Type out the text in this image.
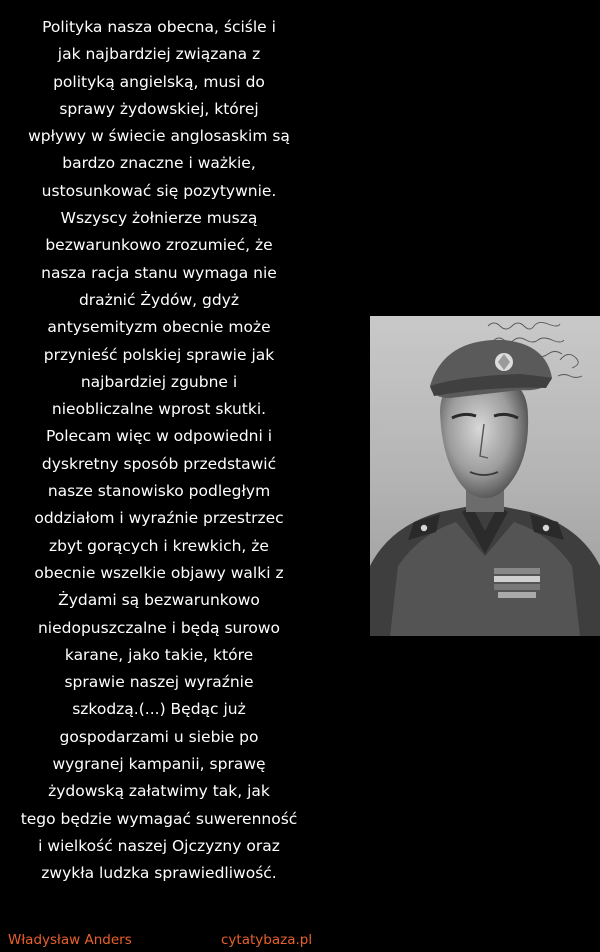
Polityka nasza obecna, ściśle i
jak najbardziej związana z
polityką angielską, musi do
sprawy żydowskiej, której
wpływy w świecie anglosaskim są
bardzo znaczne i ważkie,
ustosunkować się pozytywnie.
Wszyscy żołnierze muszą
bezwarunkowo zrozumieć, że
nasza racja stanu wymaga nie
drażnić Żydów, gdyż
antysemityzm obecnie może
przynieść polskiej sprawie jak
najbardziej zgubne i
nieobliczalne wprost skutki.
Polecam więc w odpowiedni i
dyskretny sposób przedstawić
nasze stanowisko podległym
oddziałom i wyraźnie przestrzec
zbyt gorących i krewkich, że
obecnie wszelkie objawy walki z
Żydami są bezwarunkowo
niedopuszczalne i będą surowo
karane, jako takie, które
sprawie naszej wyraźnie
szkodzą.(...) Będąc już
gospodarzami u siebie po
wygranej kampanii, sprawę
żydowską załatwimy tak, jak
tego będzie wymagać suwerenność
i wielkość naszej Ojczyzny oraz
zwykła ludzka sprawiedliwość.

Władysław Anders	cytatybaza.pl
